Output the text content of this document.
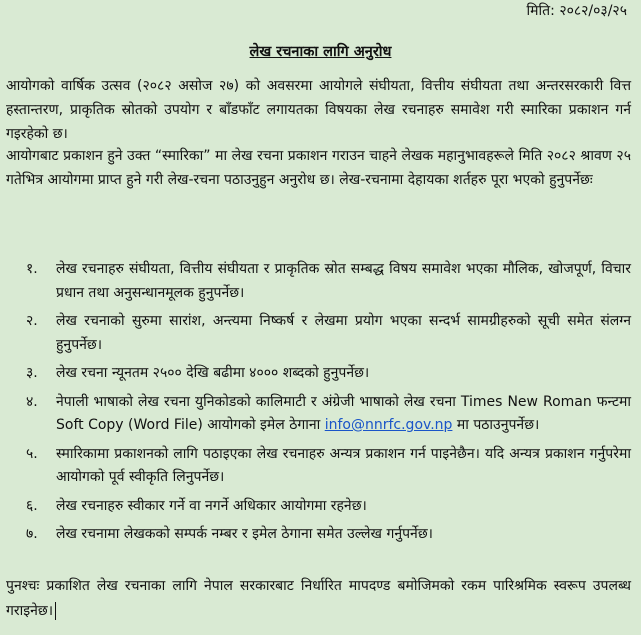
मिति: २०८२/०३/२५
लेख रचनाका लागि अनुरोध
आयोगको वार्षिक उत्सव (२०८२ असोज २७) को अवसरमा आयोगले संघीयता, वित्तीय संघीयता तथा अन्तरसरकारी वित्त हस्तान्तरण, प्राकृतिक स्रोतको उपयोग र बाँडफाँट लगायतका विषयका लेख रचनाहरु समावेश गरी स्मारिका प्रकाशन गर्न गइरहेको छ।
आयोगबाट प्रकाशन हुने उक्त “स्मारिका” मा लेख रचना प्रकाशन गराउन चाहने लेखक महानुभावहरूले मिति २०८२ श्रावण २५ गतेभित्र आयोगमा प्राप्त हुने गरी लेख-रचना पठाउनुहुन अनुरोध छ। लेख-रचनामा देहायका शर्तहरु पूरा भएको हुनुपर्नेछः
१. लेख रचनाहरु संघीयता, वित्तीय संघीयता र प्राकृतिक स्रोत सम्बद्ध विषय समावेश भएका मौलिक, खोजपूर्ण, विचार प्रधान तथा अनुसन्धानमूलक हुनुपर्नेछ।
२. लेख रचनाको सुरुमा सारांश, अन्त्यमा निष्कर्ष र लेखमा प्रयोग भएका सन्दर्भ सामग्रीहरुको सूची समेत संलग्न हुनुपर्नेछ।
३. लेख रचना न्यूनतम २५०० देखि बढीमा ४००० शब्दको हुनुपर्नेछ।
४. नेपाली भाषाको लेख रचना युनिकोडको कालिमाटी र अंग्रेजी भाषाको लेख रचना Times New Roman फन्टमा Soft Copy (Word File) आयोगको इमेल ठेगाना info@nnrfc.gov.np मा पठाउनुपर्नेछ।
५. स्मारिकामा प्रकाशनको लागि पठाइएका लेख रचनाहरु अन्यत्र प्रकाशन गर्न पाइनेछैन। यदि अन्यत्र प्रकाशन गर्नुपरेमा आयोगको पूर्व स्वीकृति लिनुपर्नेछ।
६. लेख रचनाहरु स्वीकार गर्ने वा नगर्ने अधिकार आयोगमा रहनेछ।
७. लेख रचनामा लेखकको सम्पर्क नम्बर र इमेल ठेगाना समेत उल्लेख गर्नुपर्नेछ।
पुनश्चः प्रकाशित लेख रचनाका लागि नेपाल सरकारबाट निर्धारित मापदण्ड बमोजिमको रकम पारिश्रमिक स्वरूप उपलब्ध गराइनेछ।
